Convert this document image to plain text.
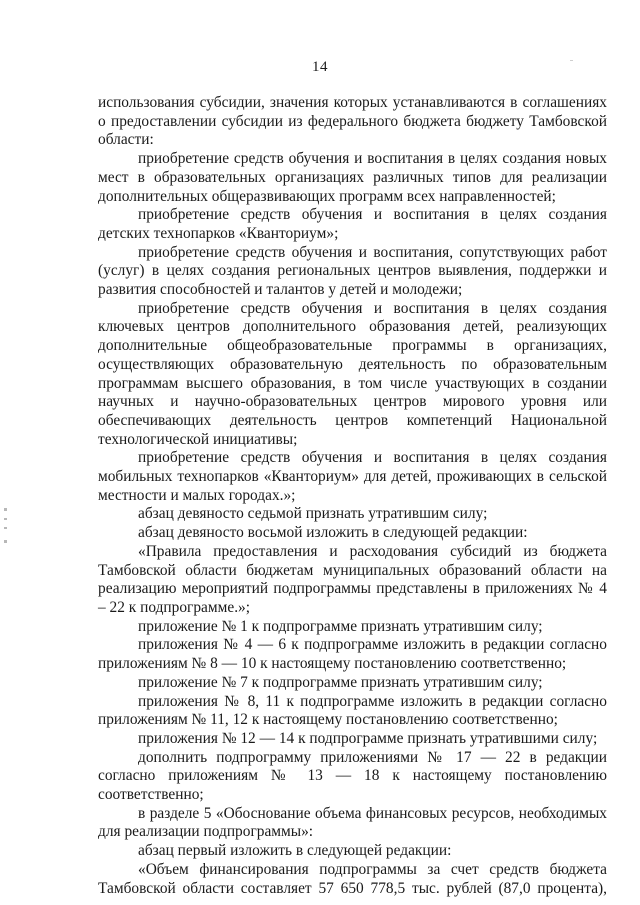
14

использования субсидии, значения которых устанавливаются в соглашениях о предоставлении субсидии из федерального бюджета бюджету Тамбовской области:

приобретение средств обучения и воспитания в целях создания новых мест в образовательных организациях различных типов для реализации дополнительных общеразвивающих программ всех направленностей;

приобретение средств обучения и воспитания в целях создания детских технопарков «Кванториум»;

приобретение средств обучения и воспитания, сопутствующих работ (услуг) в целях создания региональных центров выявления, поддержки и развития способностей и талантов у детей и молодежи;

приобретение средств обучения и воспитания в целях создания ключевых центров дополнительного образования детей, реализующих дополнительные общеобразовательные программы в организациях, осуществляющих образовательную деятельность по образовательным программам высшего образования, в том числе участвующих в создании научных и научно-образовательных центров мирового уровня или обеспечивающих деятельность центров компетенций Национальной технологической инициативы;

приобретение средств обучения и воспитания в целях создания мобильных технопарков «Кванториум» для детей, проживающих в сельской местности и малых городах.»;

абзац девяносто седьмой признать утратившим силу;

абзац девяносто восьмой изложить в следующей редакции:

«Правила предоставления и расходования субсидий из бюджета Тамбовской области бюджетам муниципальных образований области на реализацию мероприятий подпрограммы представлены в приложениях № 4 – 22 к подпрограмме.»;

приложение № 1 к подпрограмме признать утратившим силу;

приложения № 4 — 6 к подпрограмме изложить в редакции согласно приложениям № 8 — 10 к настоящему постановлению соответственно;

приложение № 7 к подпрограмме признать утратившим силу;

приложения № 8, 11 к подпрограмме изложить в редакции согласно приложениям № 11, 12 к настоящему постановлению соответственно;

приложения № 12 — 14 к подпрограмме признать утратившими силу;

дополнить подпрограмму приложениями № 17 — 22 в редакции согласно приложениям № 13 — 18 к настоящему постановлению соответственно;

в разделе 5 «Обоснование объема финансовых ресурсов, необходимых для реализации подпрограммы»:

абзац первый изложить в следующей редакции:

«Объем финансирования подпрограммы за счет средств бюджета Тамбовской области составляет 57 650 778,5 тыс. рублей (87,0 процента),
